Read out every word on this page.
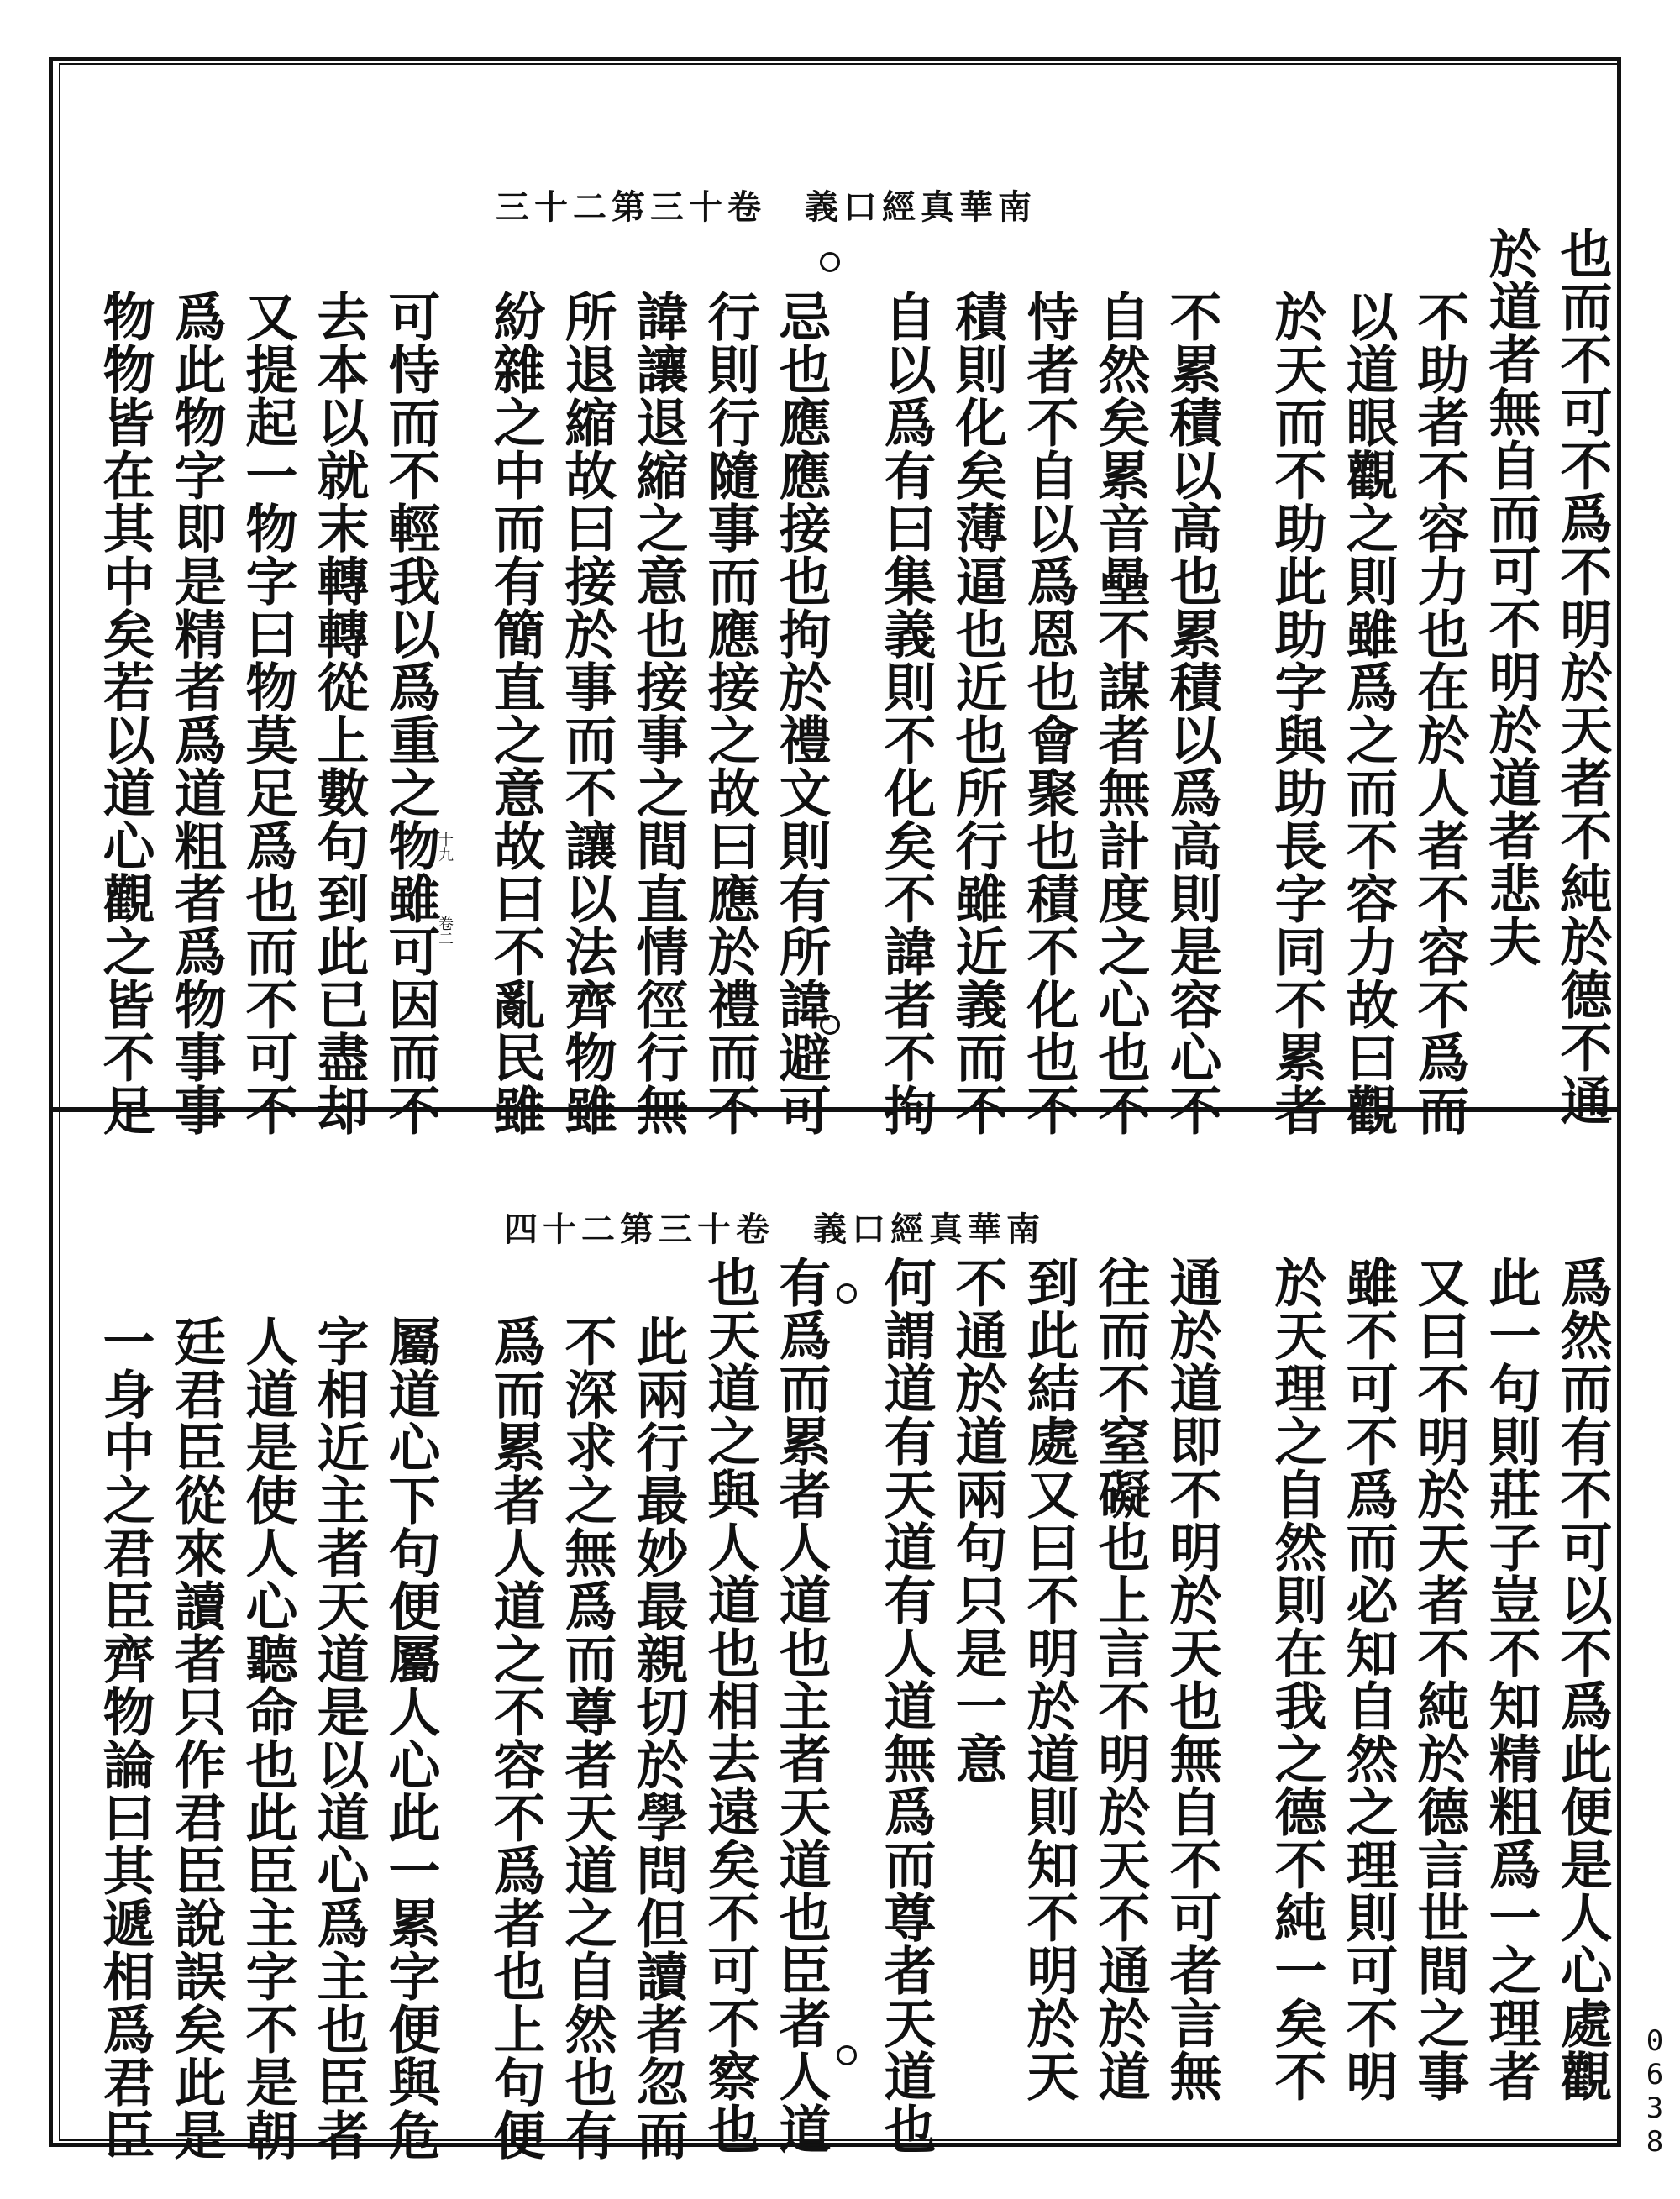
三十二第三十卷　義口經真華南
也而不可不爲不明於天者不純於德不通
於道者無自而可不明於道者悲夫
不助者不容力也在於人者不容不爲而
以道眼觀之則雖爲之而不容力故曰觀
於天而不助此助字與助長字同不累者
不累積以高也累積以爲高則是容心不
自然矣累音壘不謀者無計度之心也不
恃者不自以爲恩也會聚也積不化也不
積則化矣薄逼也近也所行雖近義而不
自以爲有曰集義則不化矣不諱者不拘
忌也應應接也拘於禮文則有所諱避可
行則行隨事而應接之故曰應於禮而不
諱讓退縮之意也接事之間直情徑行無
所退縮故曰接於事而不讓以法齊物雖
紛雜之中而有簡直之意故曰不亂民雖
可恃而不輕我以爲重之物雖可因而不
去本以就末轉轉從上數句到此已盡却
又提起一物字曰物莫足爲也而不可不
爲此物字即是精者爲道粗者爲物事事
物物皆在其中矣若以道心觀之皆不足	十九
卷二
四十二第三十卷　義口經真華南
爲然而有不可以不爲此便是人心處觀
此一句則莊子豈不知精粗爲一之理者
又曰不明於天者不純於德言世間之事
雖不可不爲而必知自然之理則可不明
於天理之自然則在我之德不純一矣不
通於道即不明於天也無自不可者言無
往而不窒礙也上言不明於天不通於道
到此結處又曰不明於道則知不明於天
不通於道兩句只是一意
何謂道有天道有人道無爲而尊者天道也
有爲而累者人道也主者天道也臣者人道
也天道之與人道也相去遠矣不可不察也
此兩行最妙最親切於學問但讀者忽而
不深求之無爲而尊者天道之自然也有
爲而累者人道之不容不爲者也上句便
屬道心下句便屬人心此一累字便與危
字相近主者天道是以道心爲主也臣者
人道是使人心聽命也此臣主字不是朝
廷君臣從來讀者只作君臣說誤矣此是
一身中之君臣齊物論曰其遞相爲君臣	0638
